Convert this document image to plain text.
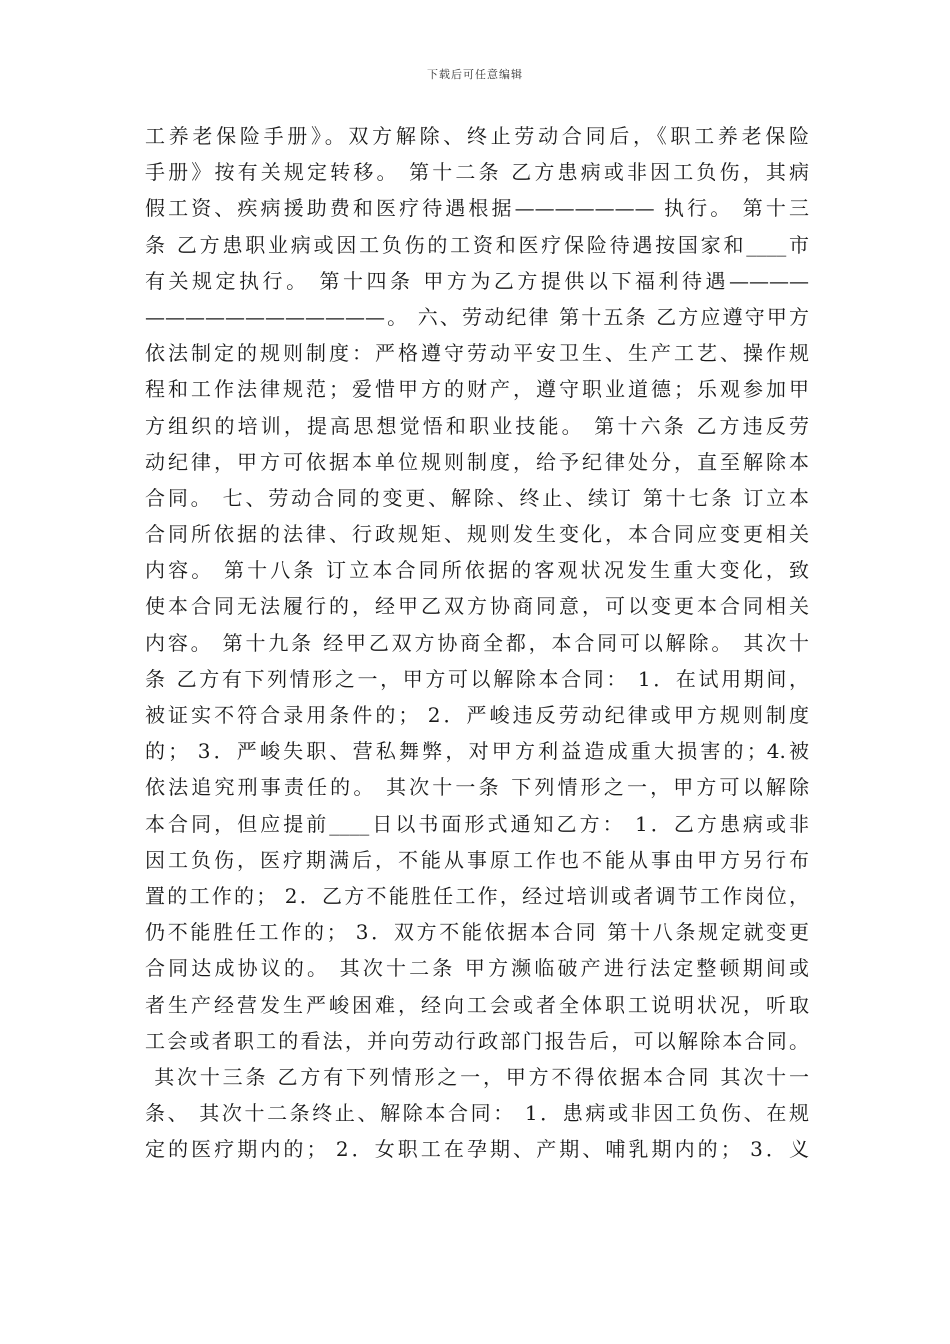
下载后可任意编辑
工养老保险手册》。双方解除、终止劳动合同后，《职工养老保险
手册》按有关规定转移。 第十二条 乙方患病或非因工负伤，其病
假工资、疾病援助费和医疗待遇根据——————— 执行。 第十三
条 乙方患职业病或因工负伤的工资和医疗保险待遇按国家和____市
有关规定执行。 第十四条 甲方为乙方提供以下福利待遇————
————————————。 六、劳动纪律 第十五条 乙方应遵守甲方
依法制定的规则制度：严格遵守劳动平安卫生、生产工艺、操作规
程和工作法律规范；爱惜甲方的财产，遵守职业道德；乐观参加甲
方组织的培训，提高思想觉悟和职业技能。 第十六条 乙方违反劳
动纪律，甲方可依据本单位规则制度，给予纪律处分，直至解除本
合同。 七、劳动合同的变更、解除、终止、续订 第十七条 订立本
合同所依据的法律、行政规矩、规则发生变化，本合同应变更相关
内容。 第十八条 订立本合同所依据的客观状况发生重大变化，致
使本合同无法履行的，经甲乙双方协商同意，可以变更本合同相关
内容。 第十九条 经甲乙双方协商全都，本合同可以解除。 其次十
条 乙方有下列情形之一，甲方可以解除本合同： 1．在试用期间，
被证实不符合录用条件的； 2．严峻违反劳动纪律或甲方规则制度
的； 3．严峻失职、营私舞弊，对甲方利益造成重大损害的；4.被
依法追究刑事责任的。 其次十一条 下列情形之一，甲方可以解除
本合同，但应提前____日以书面形式通知乙方： 1．乙方患病或非
因工负伤，医疗期满后，不能从事原工作也不能从事由甲方另行布
置的工作的； 2．乙方不能胜任工作，经过培训或者调节工作岗位，
仍不能胜任工作的； 3．双方不能依据本合同 第十八条规定就变更
合同达成协议的。 其次十二条 甲方濒临破产进行法定整顿期间或
者生产经营发生严峻困难，经向工会或者全体职工说明状况，听取
工会或者职工的看法，并向劳动行政部门报告后，可以解除本合同。
其次十三条 乙方有下列情形之一，甲方不得依据本合同 其次十一
条、 其次十二条终止、解除本合同： 1．患病或非因工负伤、在规
定的医疗期内的； 2．女职工在孕期、产期、哺乳期内的； 3．义
